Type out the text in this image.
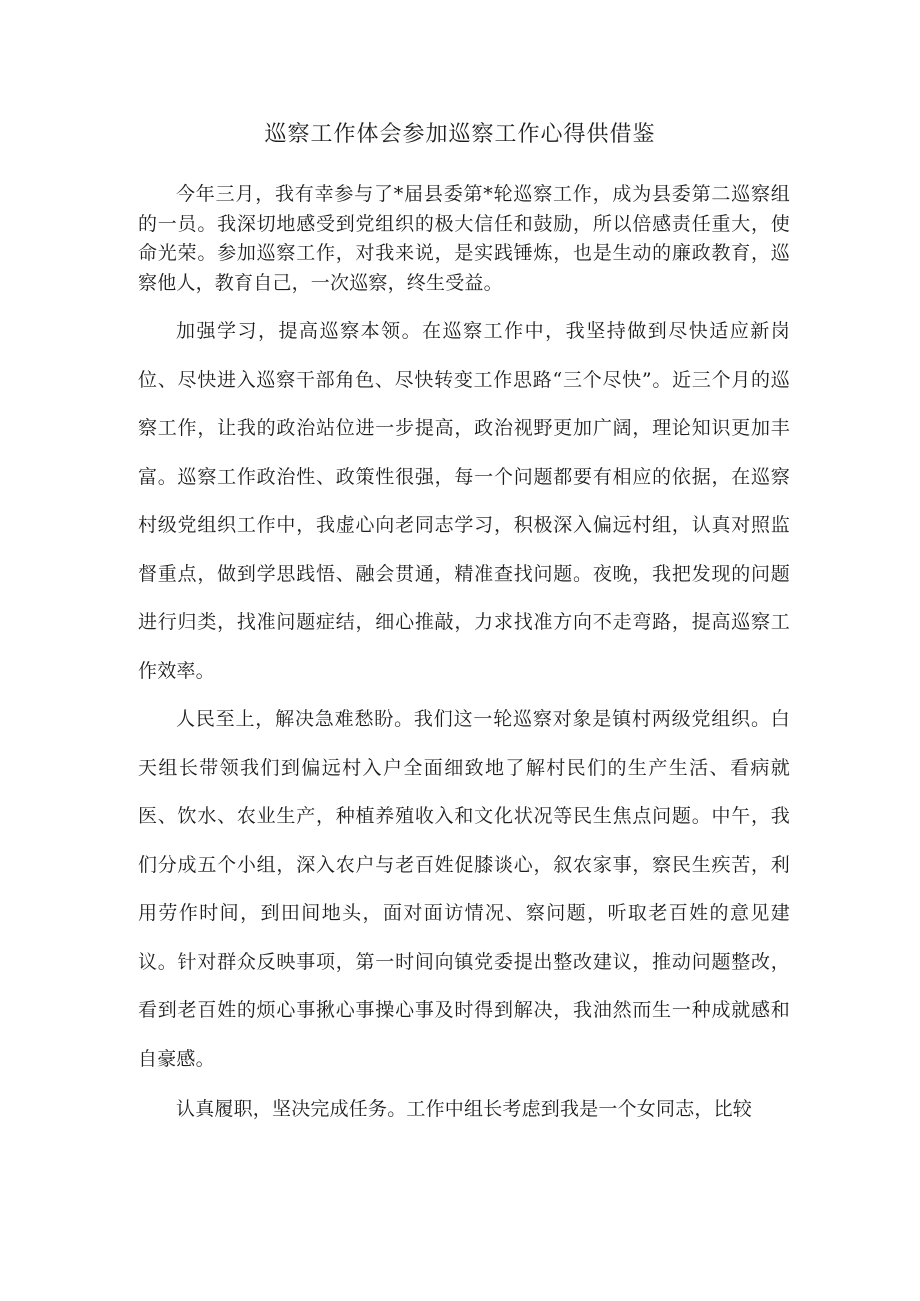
巡察工作体会参加巡察工作心得供借鉴

今年三月，我有幸参与了*届县委第*轮巡察工作，成为县委第二巡察组的一员。我深切地感受到党组织的极大信任和鼓励，所以倍感责任重大，使命光荣。参加巡察工作，对我来说，是实践锤炼，也是生动的廉政教育，巡察他人，教育自己，一次巡察，终生受益。

加强学习，提高巡察本领。在巡察工作中，我坚持做到尽快适应新岗位、尽快进入巡察干部角色、尽快转变工作思路“三个尽快”。近三个月的巡察工作，让我的政治站位进一步提高，政治视野更加广阔，理论知识更加丰富。巡察工作政治性、政策性很强，每一个问题都要有相应的依据，在巡察村级党组织工作中，我虚心向老同志学习，积极深入偏远村组，认真对照监督重点，做到学思践悟、融会贯通，精准查找问题。夜晚，我把发现的问题进行归类，找准问题症结，细心推敲，力求找准方向不走弯路，提高巡察工作效率。

人民至上，解决急难愁盼。我们这一轮巡察对象是镇村两级党组织。白天组长带领我们到偏远村入户全面细致地了解村民们的生产生活、看病就医、饮水、农业生产，种植养殖收入和文化状况等民生焦点问题。中午，我们分成五个小组，深入农户与老百姓促膝谈心，叙农家事，察民生疾苦，利用劳作时间，到田间地头，面对面访情况、察问题，听取老百姓的意见建议。针对群众反映事项，第一时间向镇党委提出整改建议，推动问题整改，看到老百姓的烦心事揪心事操心事及时得到解决，我油然而生一种成就感和自豪感。

认真履职，坚决完成任务。工作中组长考虑到我是一个女同志，比较
